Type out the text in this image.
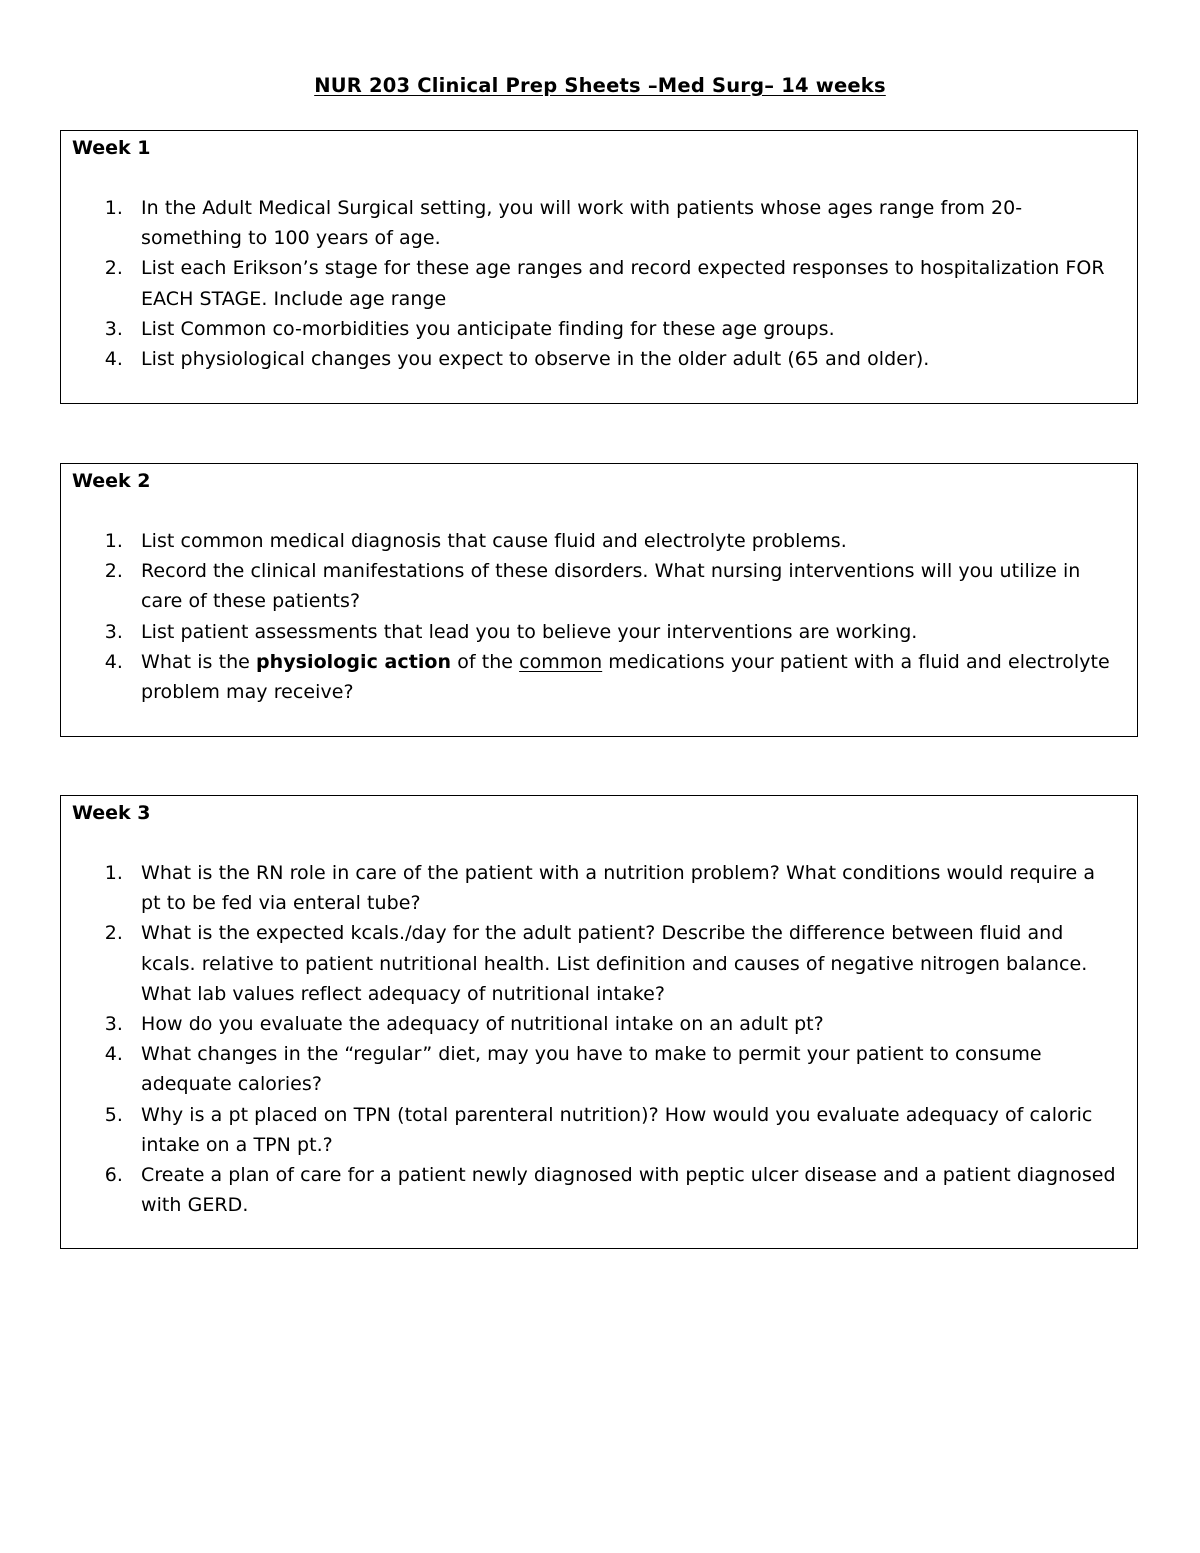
NUR 203 Clinical Prep Sheets –Med Surg– 14 weeks
Week 1
1. In the Adult Medical Surgical setting, you will work with patients whose ages range from 20-something to 100 years of age.
2. List each Erikson’s stage for these age ranges and record expected responses to hospitalization FOR EACH STAGE. Include age range
3. List Common co-morbidities you anticipate finding for these age groups.
4. List physiological changes you expect to observe in the older adult (65 and older).
Week 2
1. List common medical diagnosis that cause fluid and electrolyte problems.
2. Record the clinical manifestations of these disorders. What nursing interventions will you utilize in care of these patients?
3. List patient assessments that lead you to believe your interventions are working.
4. What is the physiologic action of the common medications your patient with a fluid and electrolyte problem may receive?
Week 3
1. What is the RN role in care of the patient with a nutrition problem? What conditions would require a pt to be fed via enteral tube?
2. What is the expected kcals./day for the adult patient? Describe the difference between fluid and kcals. relative to patient nutritional health. List definition and causes of negative nitrogen balance. What lab values reflect adequacy of nutritional intake?
3. How do you evaluate the adequacy of nutritional intake on an adult pt?
4. What changes in the “regular” diet, may you have to make to permit your patient to consume adequate calories?
5. Why is a pt placed on TPN (total parenteral nutrition)? How would you evaluate adequacy of caloric intake on a TPN pt.?
6. Create a plan of care for a patient newly diagnosed with peptic ulcer disease and a patient diagnosed with GERD.
